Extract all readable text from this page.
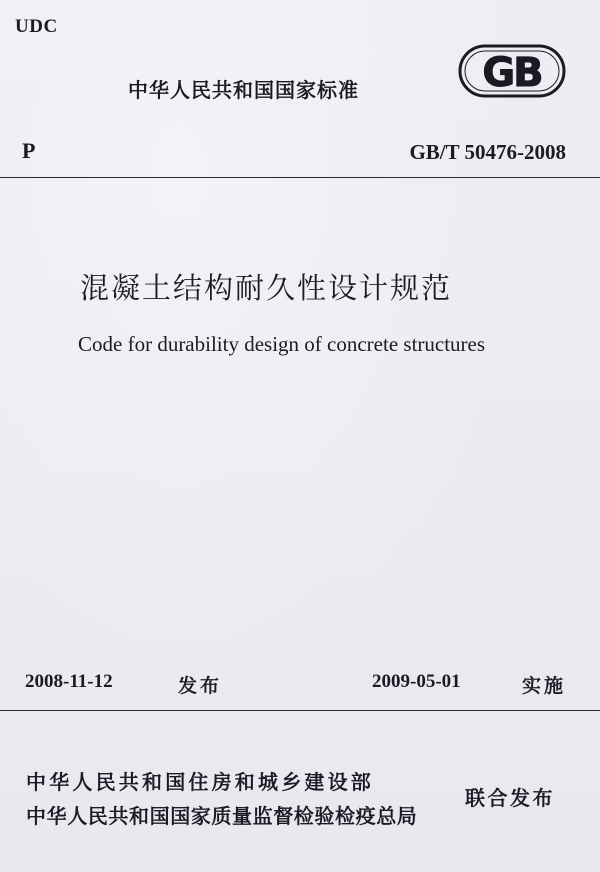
UDC
中华人民共和国国家标准	GB
P	GB/T 50476-2008
混凝土结构耐久性设计规范
Code for durability design of concrete structures
2008-11-12	发布	2009-05-01	实施
中华人民共和国住房和城乡建设部
中华人民共和国国家质量监督检验检疫总局
联合发布
